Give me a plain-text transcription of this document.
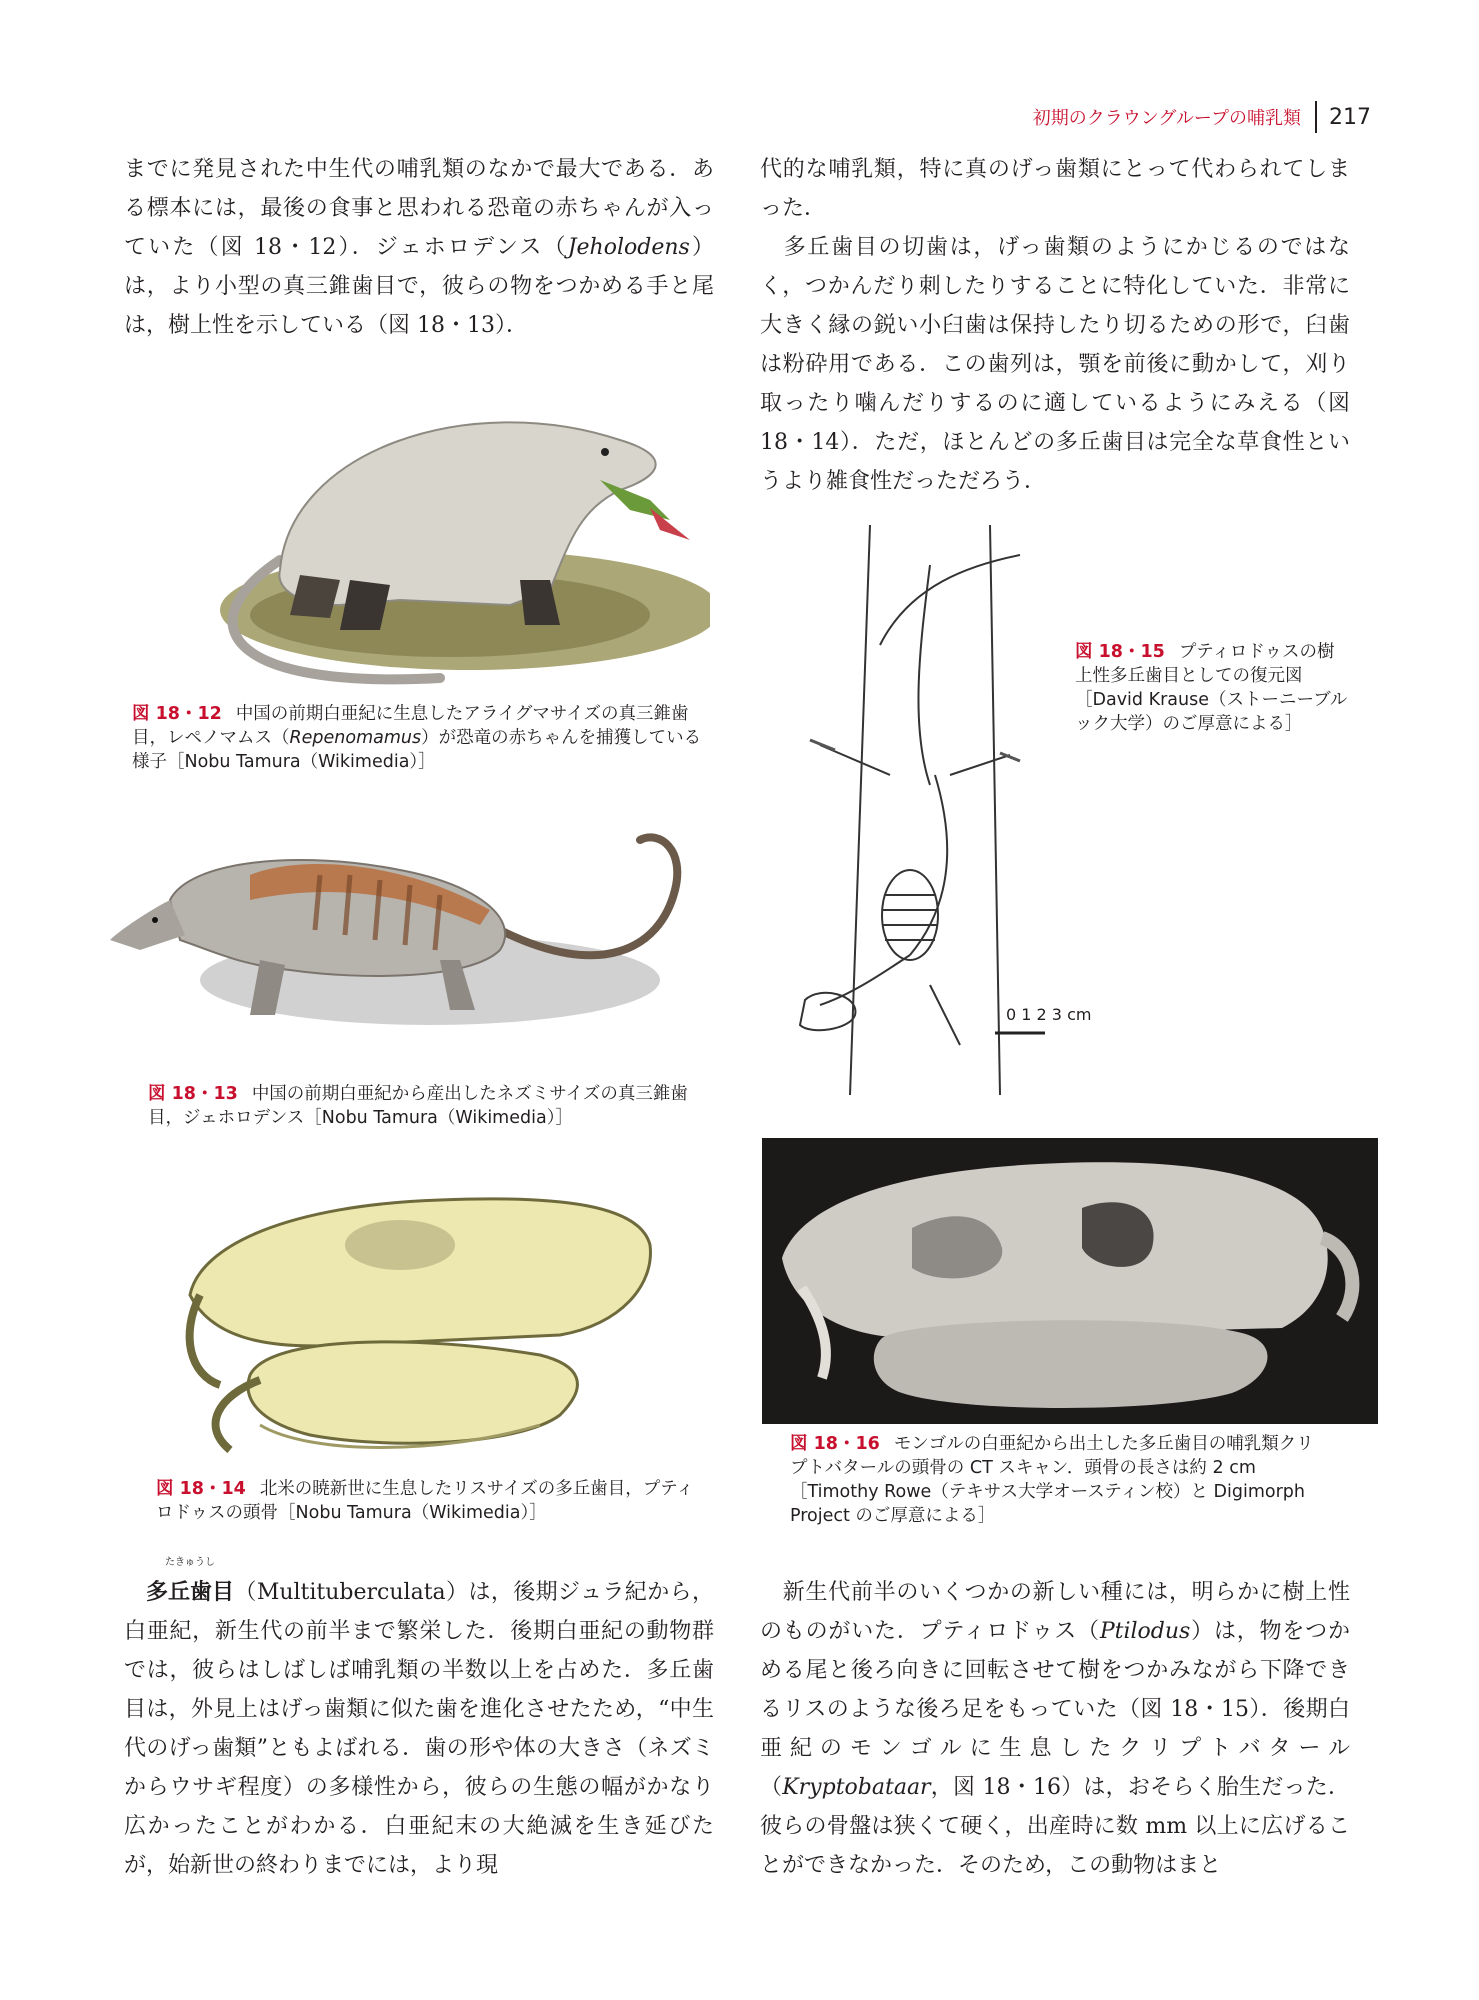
初期のクラウングループの哺乳類 217
までに発見された中生代の哺乳類のなかで最大である．ある標本には，最後の食事と思われる恐竜の赤ちゃんが入っていた（図 18・12）．ジェホロデンス（Jeholodens）は，より小型の真三錐歯目で，彼らの物をつかめる手と尾は，樹上性を示している（図 18・13）．
代的な哺乳類，特に真のげっ歯類にとって代わられてしまった．
多丘歯目の切歯は，げっ歯類のようにかじるのではなく，つかんだり刺したりすることに特化していた．非常に大きく縁の鋭い小臼歯は保持したり切るための形で，臼歯は粉砕用である．この歯列は，顎を前後に動かして，刈り取ったり噛んだりするのに適しているようにみえる（図 18・14）．ただ，ほとんどの多丘歯目は完全な草食性というより雑食性だっただろう．
図 18・12 中国の前期白亜紀に生息したアライグマサイズの真三錐歯目，レペノマムス（Repenomamus）が恐竜の赤ちゃんを捕獲している様子［Nobu Tamura（Wikimedia）］
図 18・13 中国の前期白亜紀から産出したネズミサイズの真三錐歯目，ジェホロデンス［Nobu Tamura（Wikimedia）］
図 18・14 北米の暁新世に生息したリスサイズの多丘歯目，プティロドゥスの頭骨［Nobu Tamura（Wikimedia）］
0 1 2 3 cm
図 18・15 プティロドゥスの樹上性多丘歯目としての復元図［David Krause（ストーニーブルック大学）のご厚意による］
図 18・16 モンゴルの白亜紀から出土した多丘歯目の哺乳類クリプトバタールの頭骨の CT スキャン．頭骨の長さは約 2 cm［Timothy Rowe（テキサス大学オースティン校）と Digimorph Project のご厚意による］
たきゅうし
多丘歯目（Multituberculata）は，後期ジュラ紀から，白亜紀，新生代の前半まで繁栄した．後期白亜紀の動物群では，彼らはしばしば哺乳類の半数以上を占めた．多丘歯目は，外見上はげっ歯類に似た歯を進化させたため，“中生代のげっ歯類”ともよばれる．歯の形や体の大きさ（ネズミからウサギ程度）の多様性から，彼らの生態の幅がかなり広かったことがわかる．白亜紀末の大絶滅を生き延びたが，始新世の終わりまでには，より現
新生代前半のいくつかの新しい種には，明らかに樹上性のものがいた．プティロドゥス（Ptilodus）は，物をつかめる尾と後ろ向きに回転させて樹をつかみながら下降できるリスのような後ろ足をもっていた（図 18・15）．後期白亜紀のモンゴルに生息したクリプトバタール（Kryptobataar，図 18・16）は，おそらく胎生だった．彼らの骨盤は狭くて硬く，出産時に数 mm 以上に広げることができなかった．そのため，この動物はまと
